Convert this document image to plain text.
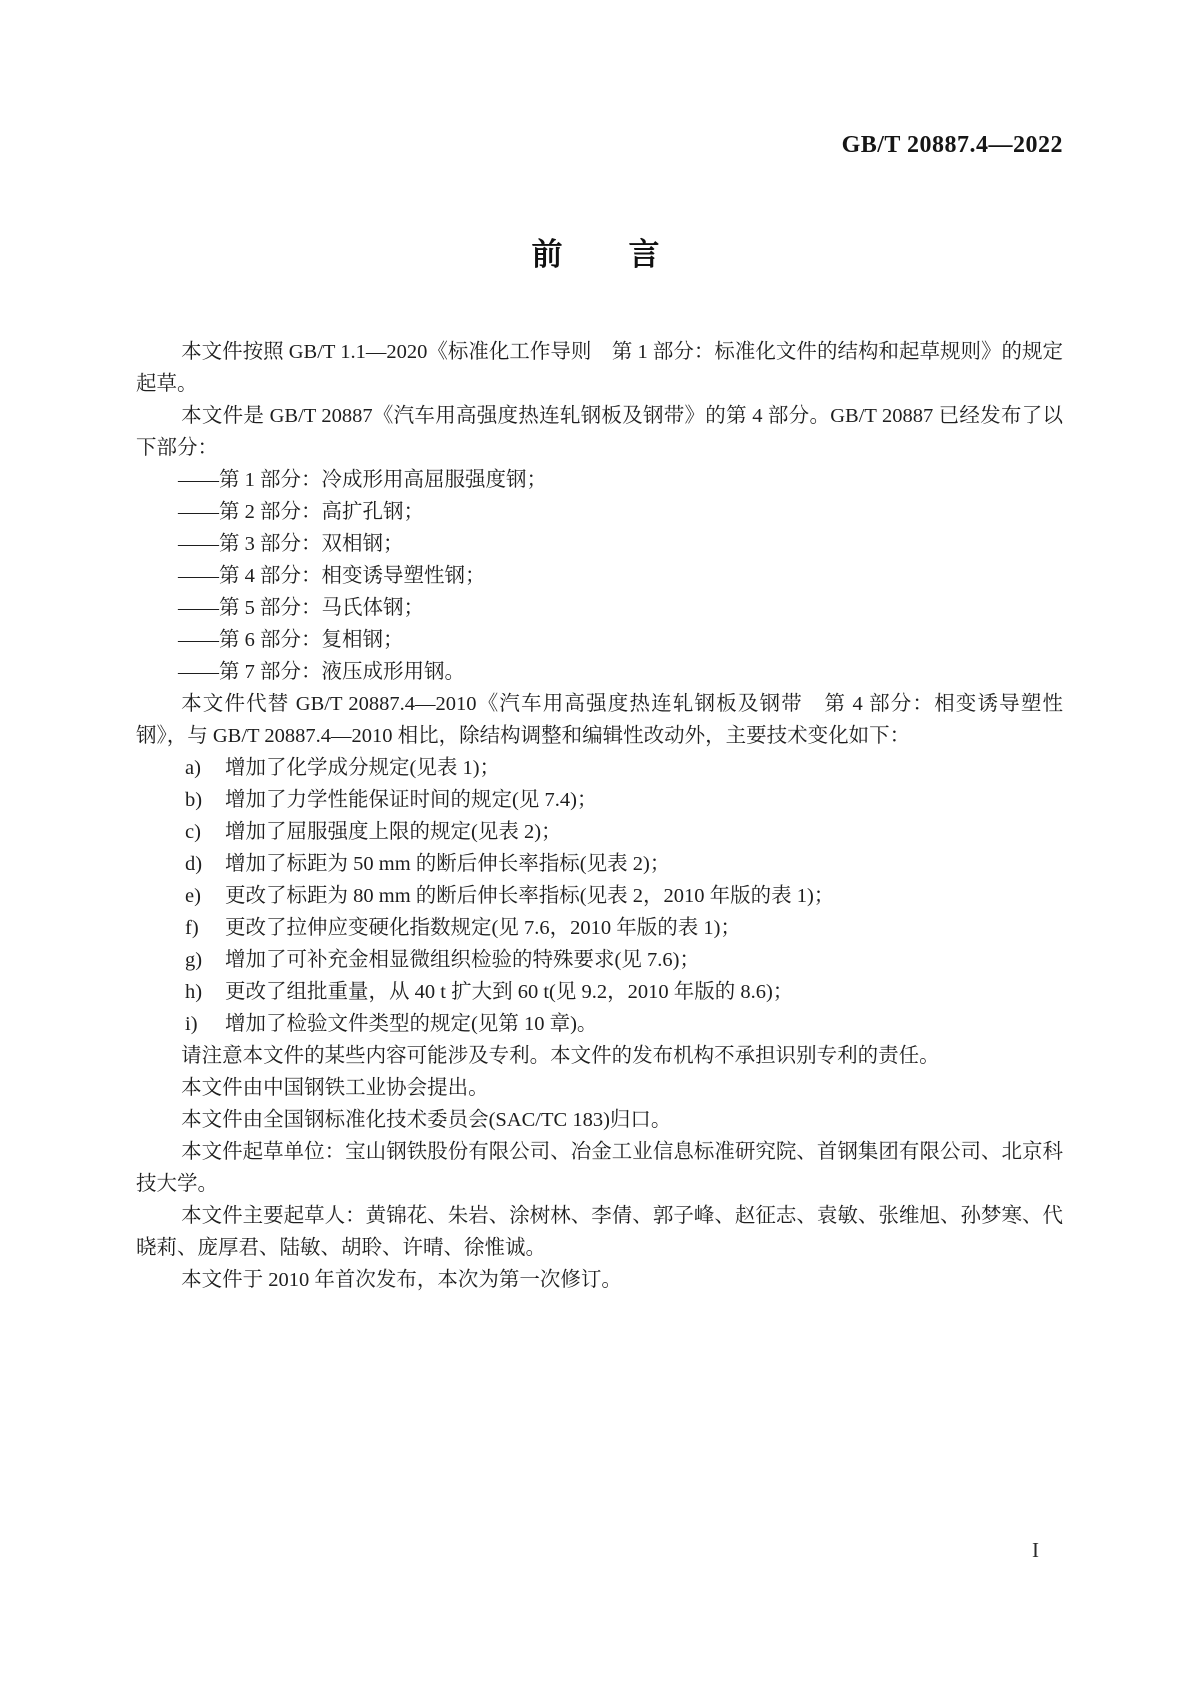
GB/T 20887.4—2022
前 言

本文件按照 GB/T 1.1—2020《标准化工作导则　第 1 部分：标准化文件的结构和起草规则》的规定起草。

本文件是 GB/T 20887《汽车用高强度热连轧钢板及钢带》的第 4 部分。GB/T 20887 已经发布了以下部分：

——第 1 部分：冷成形用高屈服强度钢；

——第 2 部分：高扩孔钢；

——第 3 部分：双相钢；

——第 4 部分：相变诱导塑性钢；

——第 5 部分：马氏体钢；

——第 6 部分：复相钢；

——第 7 部分：液压成形用钢。

本文件代替 GB/T 20887.4—2010《汽车用高强度热连轧钢板及钢带　第 4 部分：相变诱导塑性钢》，与 GB/T 20887.4—2010 相比，除结构调整和编辑性改动外，主要技术变化如下：

a) 增加了化学成分规定(见表 1)；

b) 增加了力学性能保证时间的规定(见 7.4)；

c) 增加了屈服强度上限的规定(见表 2)；

d) 增加了标距为 50 mm 的断后伸长率指标(见表 2)；

e) 更改了标距为 80 mm 的断后伸长率指标(见表 2，2010 年版的表 1)；

f) 更改了拉伸应变硬化指数规定(见 7.6，2010 年版的表 1)；

g) 增加了可补充金相显微组织检验的特殊要求(见 7.6)；

h) 更改了组批重量，从 40 t 扩大到 60 t(见 9.2，2010 年版的 8.6)；

i) 增加了检验文件类型的规定(见第 10 章)。

请注意本文件的某些内容可能涉及专利。本文件的发布机构不承担识别专利的责任。

本文件由中国钢铁工业协会提出。

本文件由全国钢标准化技术委员会(SAC/TC 183)归口。

本文件起草单位：宝山钢铁股份有限公司、冶金工业信息标准研究院、首钢集团有限公司、北京科技大学。

本文件主要起草人：黄锦花、朱岩、涂树林、李倩、郭子峰、赵征志、袁敏、张维旭、孙梦寒、代晓莉、庞厚君、陆敏、胡聆、许晴、徐惟诚。

本文件于 2010 年首次发布，本次为第一次修订。

I
